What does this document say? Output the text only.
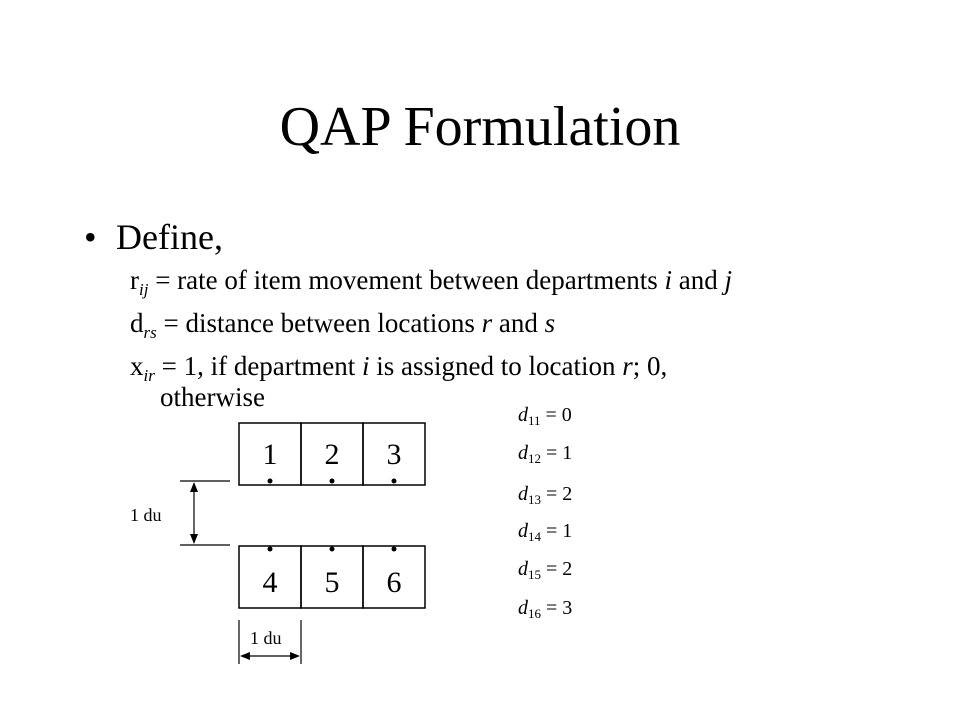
QAP Formulation
• Define,
$r_{ij}$ = rate of item movement between departments i and j
$d_{rs}$ = distance between locations r and s
$x_{ir} = 1$, if department i is assigned to location r; 0,
otherwise
$d_{11} = 0$
$d_{12} = 1$
$d_{13} = 2$
$d_{14} = 1$
$d_{15} = 2$
$d_{16} = 3$
1 2 3
4 5 6
1 du
1 du
